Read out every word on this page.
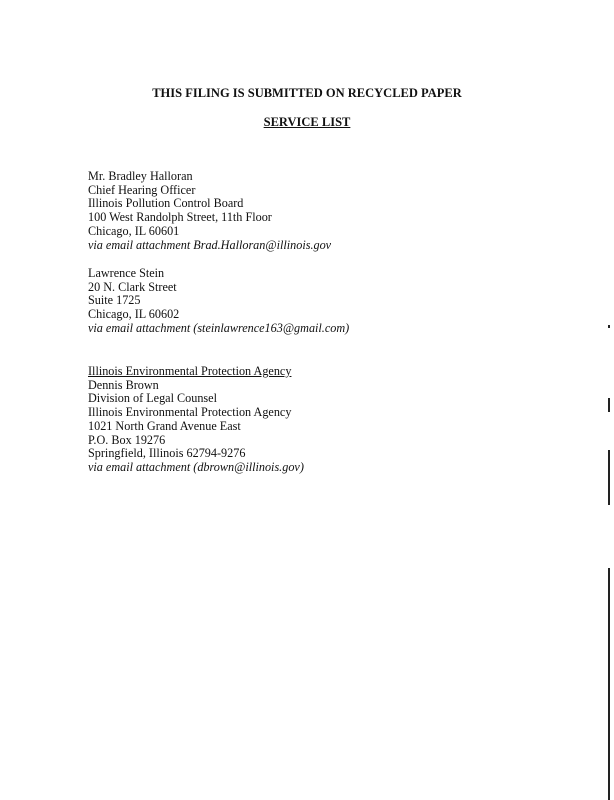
THIS FILING IS SUBMITTED ON RECYCLED PAPER
SERVICE LIST
Mr. Bradley Halloran
Chief Hearing Officer
Illinois Pollution Control Board
100 West Randolph Street, 11th Floor
Chicago, IL 60601
via email attachment Brad.Halloran@illinois.gov
Lawrence Stein
20 N. Clark Street
Suite 1725
Chicago, IL 60602
via email attachment (steinlawrence163@gmail.com)
Illinois Environmental Protection Agency
Dennis Brown
Division of Legal Counsel
Illinois Environmental Protection Agency
1021 North Grand Avenue East
P.O. Box 19276
Springfield, Illinois 62794-9276
via email attachment (dbrown@illinois.gov)
